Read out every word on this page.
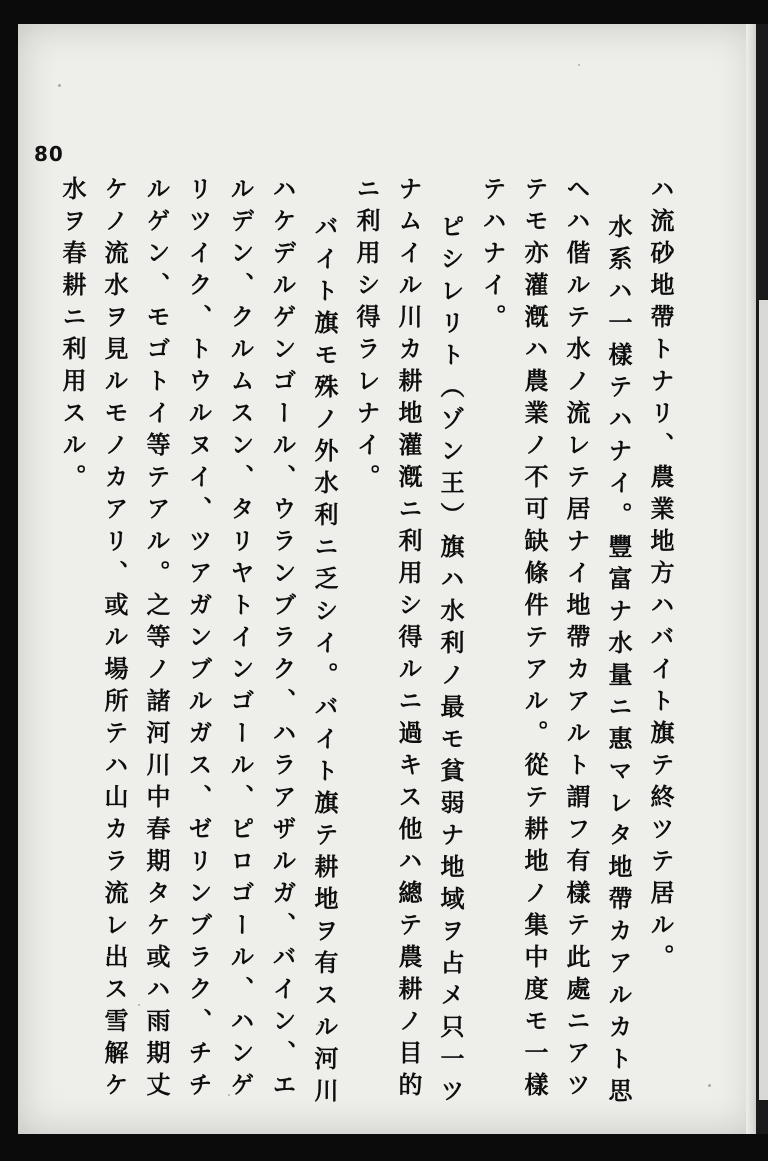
80
ハ流砂地帶トナリ、農業地方ハバイト旗テ終ツテ居ル。
水系ハ一樣テハナイ。豐富ナ水量ニ惠マレタ地帶カアルカト思
ヘハ偕ルテ水ノ流レテ居ナイ地帶カアルト謂フ有樣テ此處ニアツ
テモ亦灌漑ハ農業ノ不可缺條件テアル。從テ耕地ノ集中度モ一樣
テハナイ。
ピシレリト（ゾン王）旗ハ水利ノ最モ貧弱ナ地域ヲ占メ只一ツ
ナムイル川カ耕地灌漑ニ利用シ得ルニ過キス他ハ總テ農耕ノ目的
ニ利用シ得ラレナイ。
バイト旗モ殊ノ外水利ニ乏シイ。バイト旗テ耕地ヲ有スル河川
ハケデルゲンゴール、ウランブラク、ハラアザルガ、バイン、エ
ルデン、クルムスン、タリヤトインゴール、ピロゴール、ハンゲ
リツイク、トウルヌイ、ツアガンブルガス、ゼリンブラク、チチ
ルゲン、モゴトイ等テアル。之等ノ諸河川中春期タケ或ハ雨期丈
ケノ流水ヲ見ルモノカアリ、或ル場所テハ山カラ流レ出ス雪解ケ
水ヲ春耕ニ利用スル。
